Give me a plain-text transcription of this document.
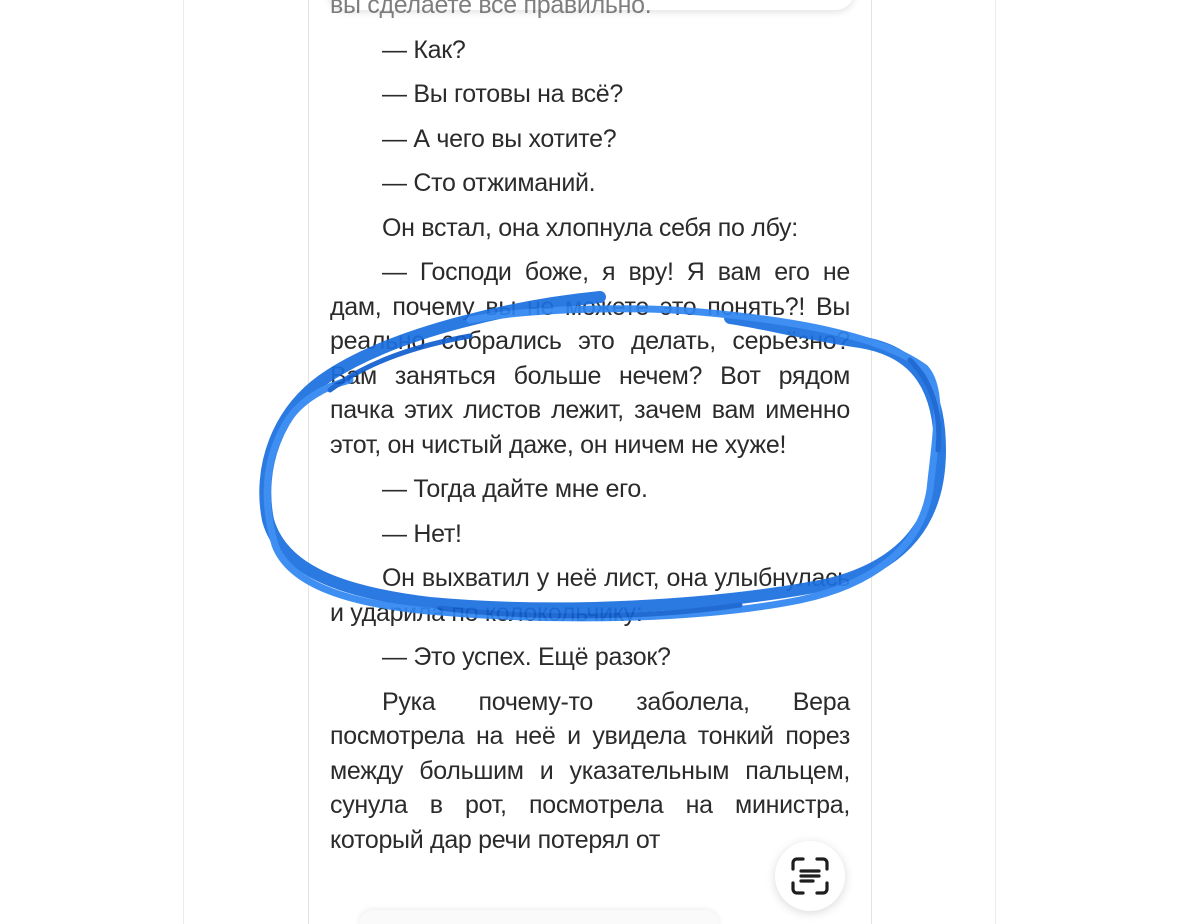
вы сделаете все правильно.

— Как?

— Вы готовы на всё?

— А чего вы хотите?

— Сто отжиманий.

Он встал, она хлопнула себя по лбу:

— Господи боже, я вру! Я вам его не дам, почему вы не можете это понять?! Вы реально собрались это делать, серьёзно? Вам заняться больше нечем? Вот рядом пачка этих листов лежит, зачем вам именно этот, он чистый даже, он ничем не хуже!

— Тогда дайте мне его.

— Нет!

Он выхватил у неё лист, она улыбнулась и ударила по колокольчику:

— Это успех. Ещё разок?

Рука почему-то заболела, Вера посмотрела на неё и увидела тонкий порез между большим и указательным пальцем, сунула в рот, посмотрела на министра, который дар речи потерял от
